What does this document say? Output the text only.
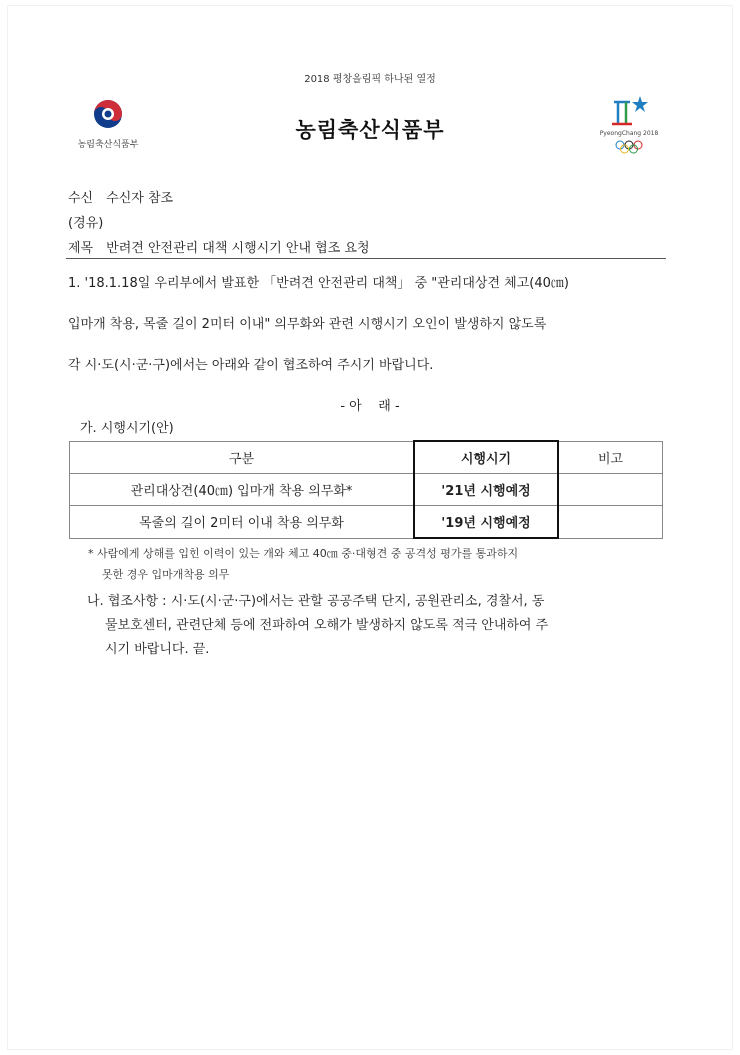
2018 평창올림픽 하나된 열정
농림축산식품부
농림축산식품부	PyeongChang 2018
수신 수신자 참조
(경유)
제목 반려견 안전관리 대책 시행시기 안내 협조 요청
1. '18.1.18일 우리부에서 발표한 「반려견 안전관리 대책」 중 "관리대상견 체고(40㎝)
입마개 착용, 목줄 길이 2미터 이내" 의무화와 관련 시행시기 오인이 발생하지 않도록
각 시·도(시·군·구)에서는 아래와 같이 협조하여 주시기 바랍니다.
- 아    래 -
가. 시행시기(안)
구분	시행시기	비고
관리대상견(40㎝) 입마개 착용 의무화*	'21년 시행예정	
목줄의 길이 2미터 이내 착용 의무화	'19년 시행예정	
* 사람에게 상해를 입힌 이력이 있는 개와 체고 40㎝ 중·대형견 중 공격성 평가를 통과하지
못한 경우 입마개착용 의무
나. 협조사항 : 시·도(시·군·구)에서는 관할 공공주택 단지, 공원관리소, 경찰서, 동
물보호센터, 관련단체 등에 전파하여 오해가 발생하지 않도록 적극 안내하여 주
시기 바랍니다. 끝.
